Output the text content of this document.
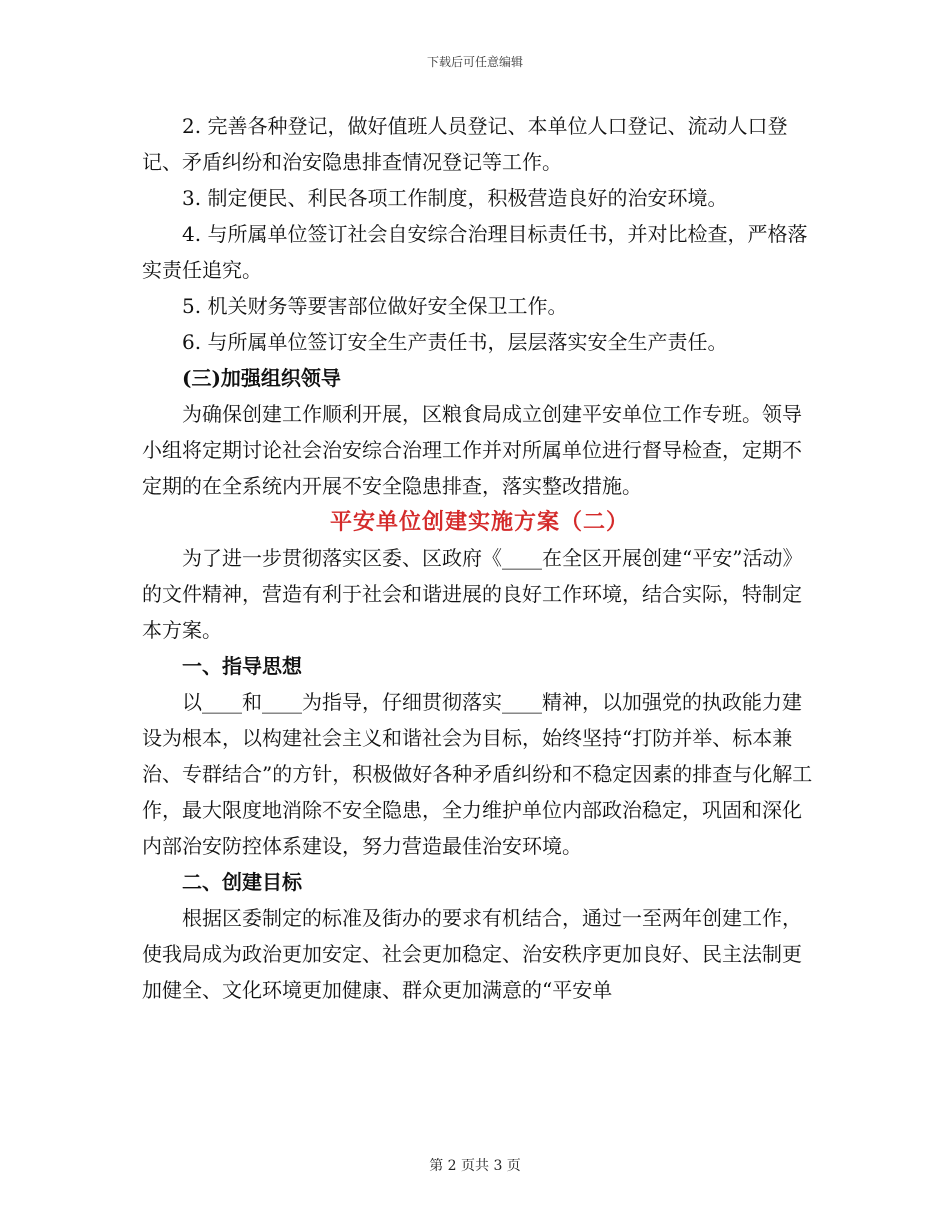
下载后可任意编辑

2. 完善各种登记，做好值班人员登记、本单位人口登记、流动人口登记、矛盾纠纷和治安隐患排查情况登记等工作。

3. 制定便民、利民各项工作制度，积极营造良好的治安环境。

4. 与所属单位签订社会自安综合治理目标责任书，并对比检查，严格落实责任追究。

5. 机关财务等要害部位做好安全保卫工作。

6. 与所属单位签订安全生产责任书，层层落实安全生产责任。

(三)加强组织领导

为确保创建工作顺利开展，区粮食局成立创建平安单位工作专班。领导小组将定期讨论社会治安综合治理工作并对所属单位进行督导检查，定期不定期的在全系统内开展不安全隐患排查，落实整改措施。

平安单位创建实施方案（二）

为了进一步贯彻落实区委、区政府《____在全区开展创建“平安”活动》的文件精神，营造有利于社会和谐进展的良好工作环境，结合实际，特制定本方案。

一、指导思想

以____和____为指导，仔细贯彻落实____精神，以加强党的执政能力建设为根本，以构建社会主义和谐社会为目标，始终坚持“打防并举、标本兼治、专群结合”的方针，积极做好各种矛盾纠纷和不稳定因素的排查与化解工作，最大限度地消除不安全隐患，全力维护单位内部政治稳定，巩固和深化内部治安防控体系建设，努力营造最佳治安环境。

二、创建目标

根据区委制定的标准及街办的要求有机结合，通过一至两年创建工作，使我局成为政治更加安定、社会更加稳定、治安秩序更加良好、民主法制更加健全、文化环境更加健康、群众更加满意的“平安单

第 2 页共 3 页
